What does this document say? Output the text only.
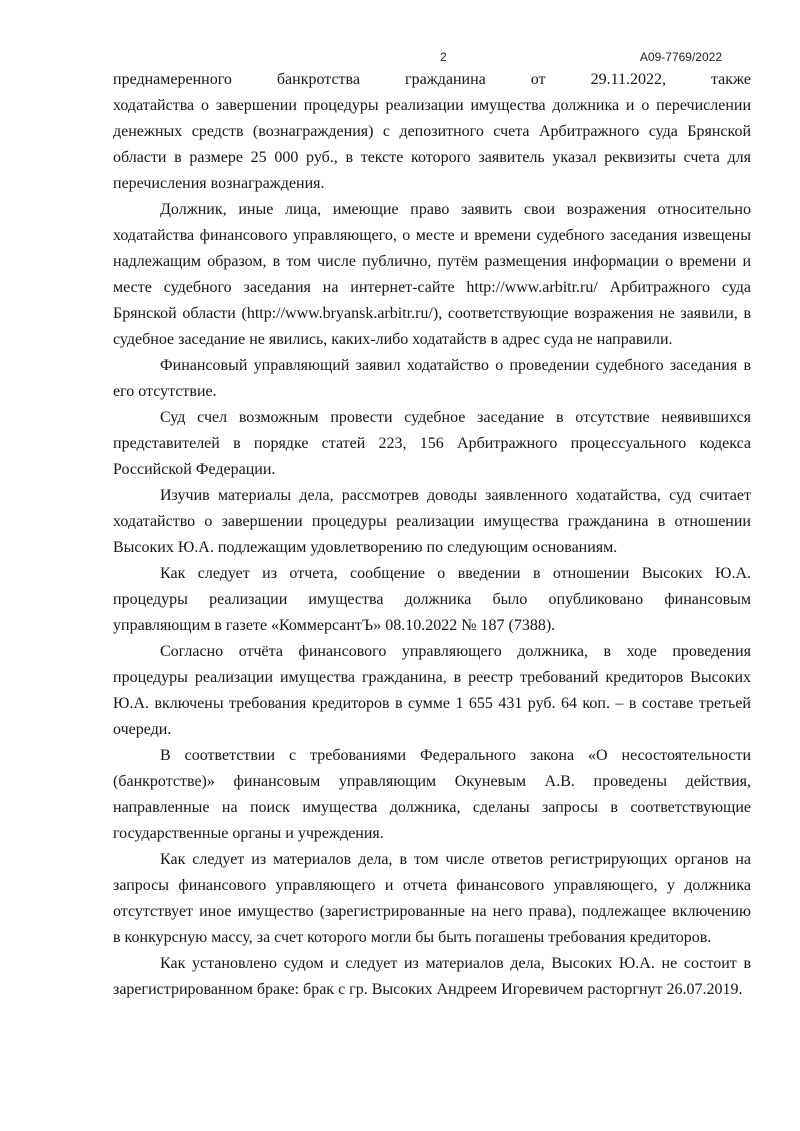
2	А09-7769/2022

преднамеренного банкротства гражданина от 29.11.2022, также
ходатайства о завершении процедуры реализации имущества должника и о перечислении
денежных средств (вознаграждения) с депозитного счета Арбитражного суда Брянской
области в размере 25 000 руб., в тексте которого заявитель указал реквизиты счета для
перечисления вознаграждения.

Должник, иные лица, имеющие право заявить свои возражения относительно
ходатайства финансового управляющего, о месте и времени судебного заседания извещены
надлежащим образом, в том числе публично, путём размещения информации о времени и
месте судебного заседания на интернет-сайте http://www.arbitr.ru/ Арбитражного суда
Брянской области (http://www.bryansk.arbitr.ru/), соответствующие возражения не заявили, в
судебное заседание не явились, каких-либо ходатайств в адрес суда не направили.

Финансовый управляющий заявил ходатайство о проведении судебного заседания в
его отсутствие.

Суд счел возможным провести судебное заседание в отсутствие неявившихся
представителей в порядке статей 223, 156 Арбитражного процессуального кодекса
Российской Федерации.

Изучив материалы дела, рассмотрев доводы заявленного ходатайства, суд считает
ходатайство о завершении процедуры реализации имущества гражданина в отношении
Высоких Ю.А. подлежащим удовлетворению по следующим основаниям.

Как следует из отчета, сообщение о введении в отношении Высоких Ю.А.
процедуры реализации имущества должника было опубликовано финансовым
управляющим в газете «КоммерсантЪ» 08.10.2022 № 187 (7388).

Согласно отчёта финансового управляющего должника, в ходе проведения
процедуры реализации имущества гражданина, в реестр требований кредиторов Высоких
Ю.А. включены требования кредиторов в сумме 1 655 431 руб. 64 коп. – в составе третьей
очереди.

В соответствии с требованиями Федерального закона «О несостоятельности
(банкротстве)» финансовым управляющим Окуневым А.В. проведены действия,
направленные на поиск имущества должника, сделаны запросы в соответствующие
государственные органы и учреждения.

Как следует из материалов дела, в том числе ответов регистрирующих органов на
запросы финансового управляющего и отчета финансового управляющего, у должника
отсутствует иное имущество (зарегистрированные на него права), подлежащее включению
в конкурсную массу, за счет которого могли бы быть погашены требования кредиторов.

Как установлено судом и следует из материалов дела, Высоких Ю.А. не состоит в
зарегистрированном браке: брак с гр. Высоких Андреем Игоревичем расторгнут 26.07.2019.
